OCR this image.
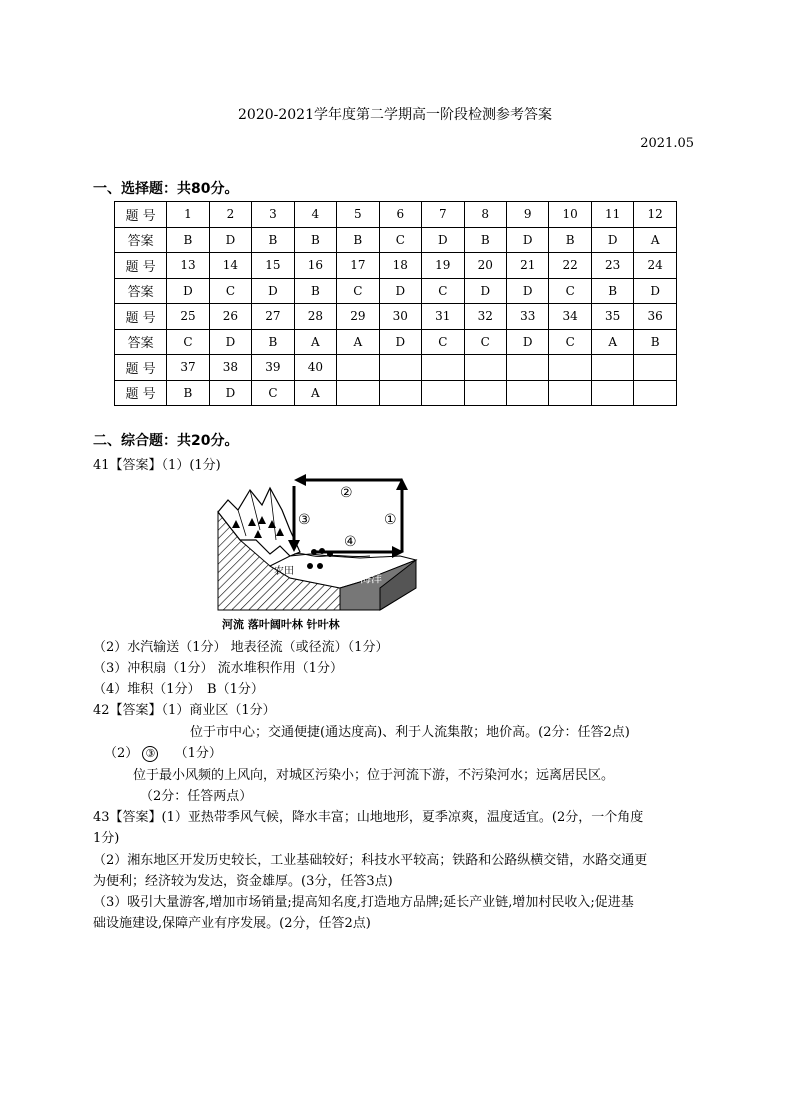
2020-2021学年度第二学期高一阶段检测参考答案
2021.05
一、选择题：共80分。
题 号	1	2	3	4	5	6	7	8	9	10	11	12
答案	B	D	B	B	B	C	D	B	D	B	D	A
题 号	13	14	15	16	17	18	19	20	21	22	23	24
答案	D	C	D	B	C	D	C	D	D	C	B	D
题 号	25	26	27	28	29	30	31	32	33	34	35	36
答案	C	D	B	A	A	D	C	C	D	C	A	B
题 号	37	38	39	40								
题 号	B	D	C	A								
二、综合题：共20分。
41【答案】（1）(1分)
农田
海洋
①
②
③
④
河流 落叶阔叶林 针叶林
（2）水汽输送（1分） 地表径流（或径流）（1分）
（3）冲积扇（1分） 流水堆积作用（1分）
（4）堆积（1分）　B（1分）
42【答案】（1）商业区（1分）
位于市中心；交通便捷(通达度高)、利于人流集散；地价高。(2分：任答2点)
（2） ③ （1分）
位于最小风频的上风向，对城区污染小；位于河流下游，不污染河水；远离居民区。
（2分：任答两点）
43【答案】(1）亚热带季风气候，降水丰富；山地地形，夏季凉爽，温度适宜。(2分，一个角度
1分)
（2）湘东地区开发历史较长，工业基础较好；科技水平较高；铁路和公路纵横交错，水路交通更
为便利；经济较为发达，资金雄厚。(3分，任答3点)
（3）吸引大量游客,增加市场销量;提高知名度,打造地方品牌;延长产业链,增加村民收入;促进基
础设施建设,保障产业有序发展。(2分，任答2点)
